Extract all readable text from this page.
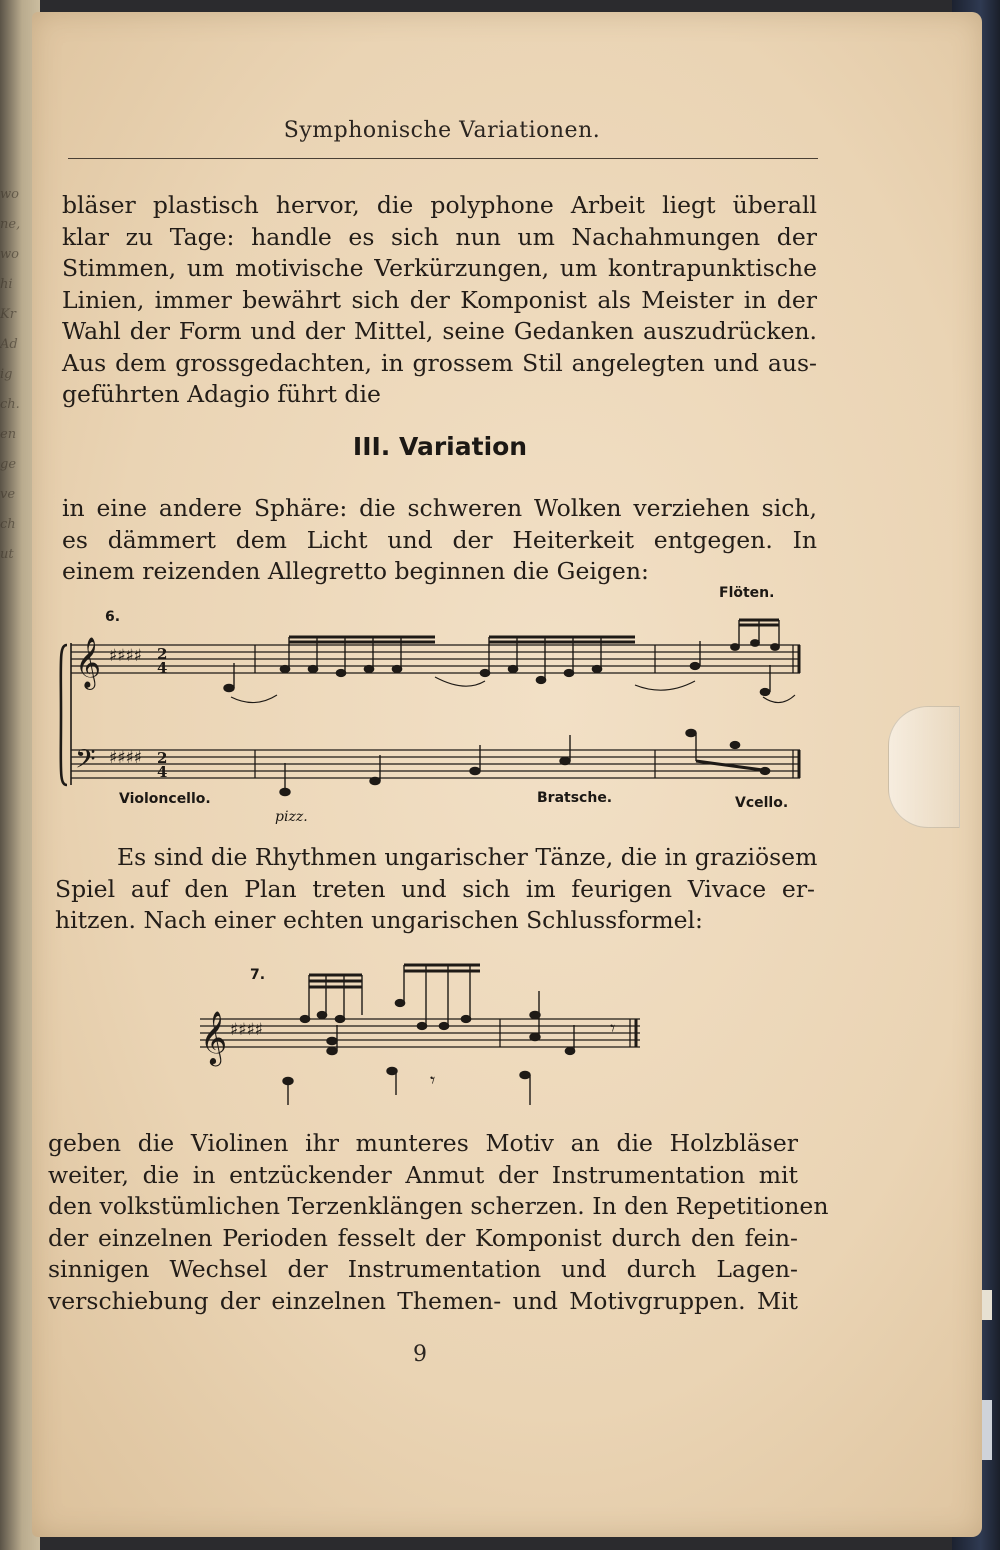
wo
ne,
wo
hi
Kr
Ad
ig
ch.
en
ge
ve
ch
ut
Symphonische Variationen.
bläser plastisch hervor, die polyphone Arbeit liegt überall
klar zu Tage: handle es sich nun um Nachahmungen der
Stimmen, um motivische Verkürzungen, um kontrapunktische
Linien, immer bewährt sich der Komponist als Meister in der
Wahl der Form und der Mittel, seine Gedanken auszudrücken.
Aus dem grossgedachten, in grossem Stil angelegten und aus-
geführten Adagio führt die
III. Variation
in eine andere Sphäre: die schweren Wolken verziehen sich,
es dämmert dem Licht und der Heiterkeit entgegen. In
einem reizenden Allegretto beginnen die Geigen:
6.
Flöten.
Violoncello.
pizz.
Bratsche.	Vcello.
𝄞 ♯♯♯♯ 2
4
𝄢 ♯♯♯♯ 2
4
Es sind die Rhythmen ungarischer Tänze, die in graziösem
Spiel auf den Plan treten und sich im feurigen Vivace er-
hitzen. Nach einer echten ungarischen Schlussformel:
7.
𝄞 ♯♯♯♯	𝄾
𝄾
geben die Violinen ihr munteres Motiv an die Holzbläser
weiter, die in entzückender Anmut der Instrumentation mit
den volkstümlichen Terzenklängen scherzen. In den Repetitionen
der einzelnen Perioden fesselt der Komponist durch den fein-
sinnigen Wechsel der Instrumentation und durch Lagen-
verschiebung der einzelnen Themen- und Motivgruppen. Mit
9
